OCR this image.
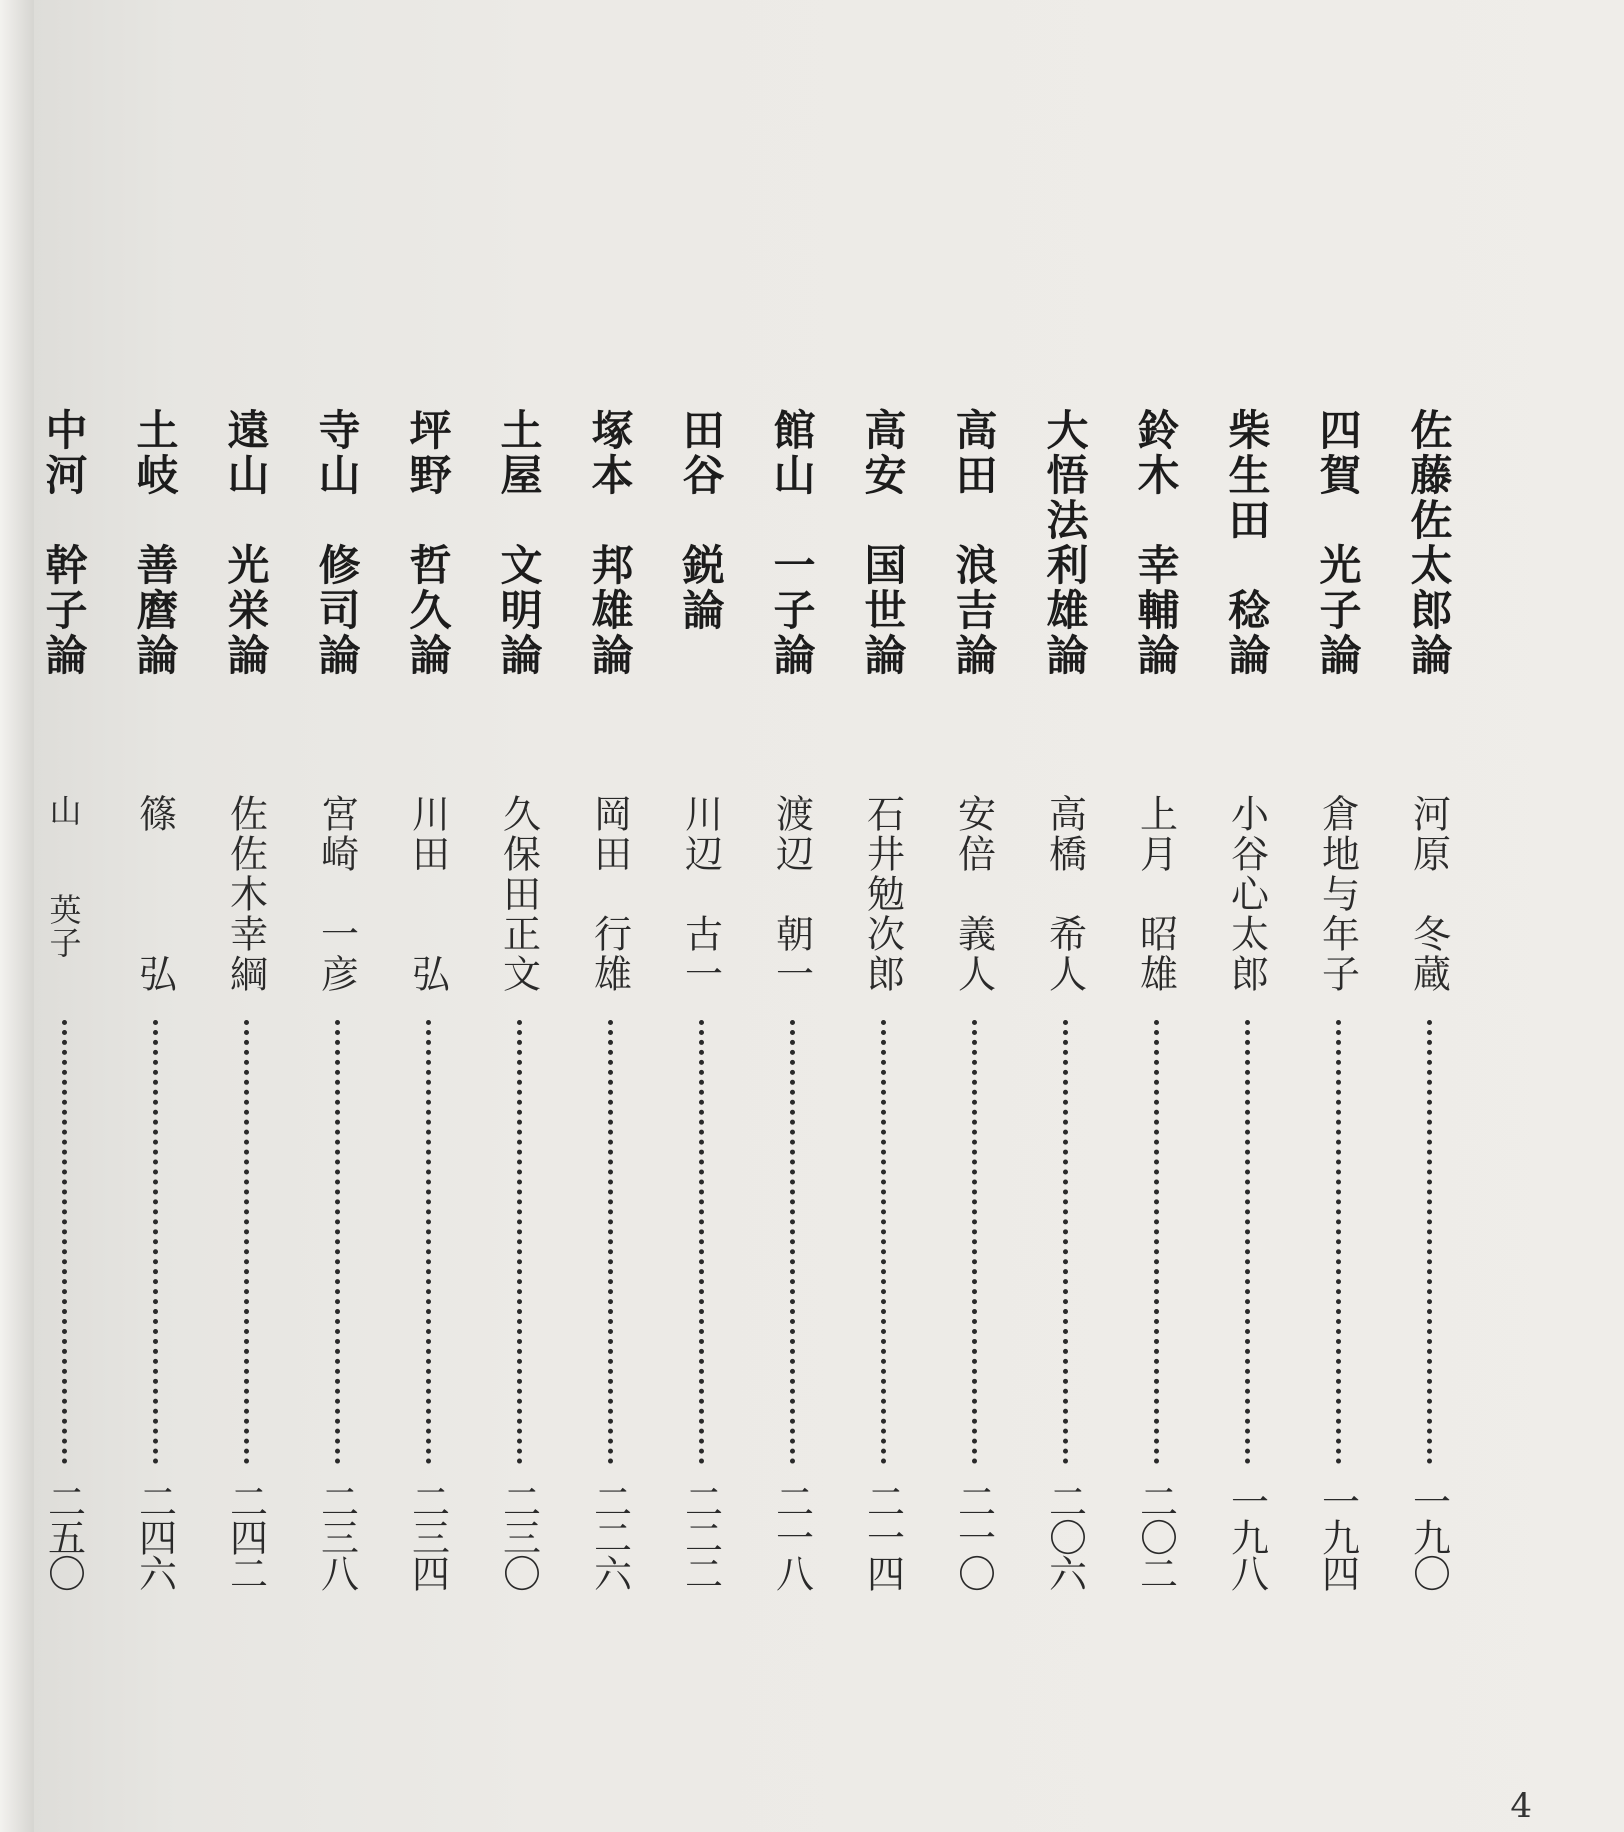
佐藤佐太郎論
河原　冬蔵
一九〇
四賀　光子論
倉地与年子
一九四
柴生田　稔論
小谷心太郎
一九八
鈴木　幸輔論
上月　昭雄
二〇二
大悟法利雄論
高橋　希人
二〇六
高田　浪吉論
安倍　義人
二一〇
高安　国世論
石井勉次郎
二一四
館山　一子論
渡辺　朝一
二一八
田谷　鋭論
川辺　古一
二二二
塚本　邦雄論
岡田　行雄
二二六
土屋　文明論
久保田正文
二三〇
坪野　哲久論
川田　　弘
二三四
寺山　修司論
宮崎　一彦
二三八
遠山　光栄論
佐佐木幸綱
二四二
土岐　善麿論
篠　　　弘
二四六
中河　幹子論
山　　英子
二五〇
4
